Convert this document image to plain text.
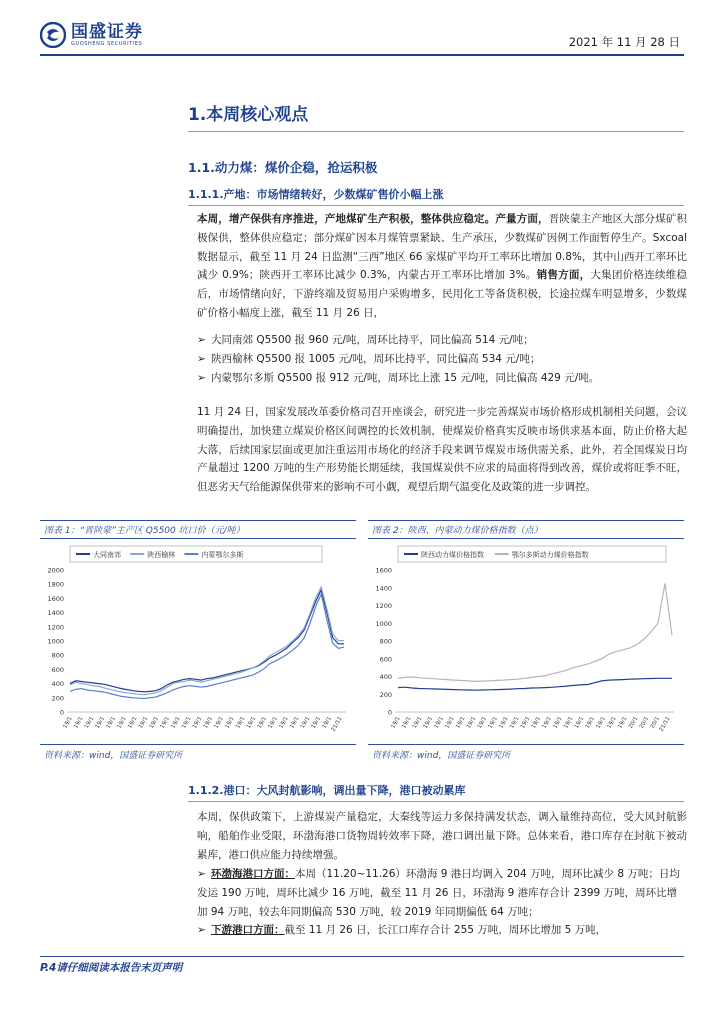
国盛证券
GUOSHENG SECURITIES	2021 年 11 月 28 日
1.本周核心观点
1.1.动力煤：煤价企稳，抢运积极
1.1.1.产地：市场情绪转好，少数煤矿售价小幅上涨

本周，增产保供有序推进，产地煤矿生产积极，整体供应稳定。产量方面，晋陕蒙主产地区大部分煤矿积极保供，整体供应稳定；部分煤矿因本月煤管票紧缺、生产承压，少数煤矿因例工作面暂停生产。Sxcoal 数据显示，截至 11 月 24 日监测“三西”地区 66 家煤矿平均开工率环比增加 0.8%，其中山西开工率环比减少 0.9%；陕西开工率环比减少 0.3%，内蒙古开工率环比增加 3%。销售方面，大集团价格连续维稳后，市场情绪向好，下游终端及贸易用户采购增多，民用化工等备货积极，长途拉煤车明显增多，少数煤矿价格小幅度上涨，截至 11 月 26 日，

➢ 大同南郊 Q5500 报 960 元/吨，周环比持平，同比偏高 514 元/吨；
➢ 陕西榆林 Q5500 报 1005 元/吨，周环比持平，同比偏高 534 元/吨；
➢ 内蒙鄂尔多斯 Q5500 报 912 元/吨，周环比上涨 15 元/吨，同比偏高 429 元/吨。

11 月 24 日，国家发展改革委价格司召开座谈会，研究进一步完善煤炭市场价格形成机制相关问题，会议明确提出，加快建立煤炭价格区间调控的长效机制，使煤炭价格真实反映市场供求基本面，防止价格大起大落，后续国家层面或更加注重运用市场化的经济手段来调节煤炭市场供需关系，此外，若全国煤炭日均产量超过 1200 万吨的生产形势能长期延续，我国煤炭供不应求的局面将得到改善，煤价或将旺季不旺，但恶劣天气给能源保供带来的影响不可小觑，观望后期气温变化及政策的进一步调控。

图表 1：“晋陕蒙”主产区 Q5500 坑口价（元/吨）
大同南郊	陕西榆林	内蒙鄂尔多斯
0
200
400
600
800
1000
1200
1400
1600
1800
2000
19/1 19/1 19/1 19/1 19/1 19/1 19/1 19/1 19/1 19/1 19/1 19/1 19/1 19/1 19/1 19/1 19/1 19/1 19/1 19/1 19/1 19/1 19/1 19/1 19/1
21/11
资料来源：wind，国盛证券研究所
图表 2：陕西、内蒙动力煤价格指数（点）
陕西动力煤价格指数	鄂尔多斯动力煤价格指数
0
200
400
600
800
1000
1200
1400
1600
19/1 19/1 19/1 19/1 19/1 19/1 19/1 19/1 19/1 19/1 19/1 19/1 19/1 19/1 19/1 19/1 19/1 19/1 19/1 19/1 19/1 19/1 20/1 20/1 20/1
21/11
资料来源：wind，国盛证券研究所
1.1.2.港口：大风封航影响，调出量下降，港口被动累库

本周，保供政策下，上游煤炭产量稳定，大秦线等运力多保持满发状态，调入量维持高位，受大风封航影响，船舶作业受限，环渤海港口货物周转效率下降，港口调出量下降。总体来看，港口库存在封航下被动累库，港口供应能力持续增强。

➢ 环渤海港口方面：本周（11.20~11.26）环渤海 9 港日均调入 204 万吨，周环比减少 8 万吨；日均发运 190 万吨，周环比减少 16 万吨，截至 11 月 26 日，环渤海 9 港库存合计 2399 万吨，周环比增加 94 万吨，较去年同期偏高 530 万吨，较 2019 年同期偏低 64 万吨；
➢ 下游港口方面：截至 11 月 26 日，长江口库存合计 255 万吨，周环比增加 5 万吨，
P.4请仔细阅读本报告末页声明
